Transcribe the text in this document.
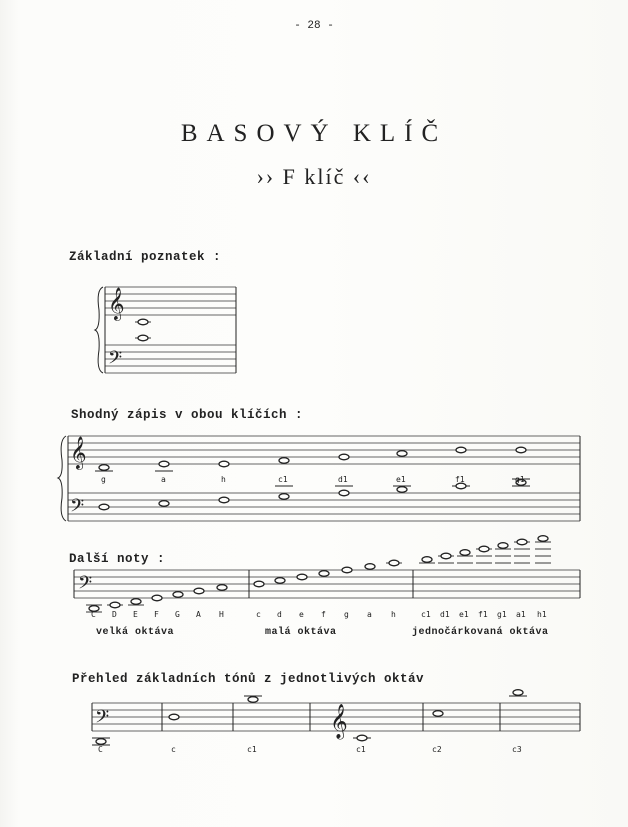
- 28 -
BASOVÝ KLÍČ
›› F klíč ‹‹
Základní poznatek :
𝄞
𝄢
Shodný zápis v obou klíčích :
𝄞
𝄢
g	a	h	c1	d1	e1	f1	g1
Další noty :
𝄢
C D E F G A H	c d e f g a h	c1 d1 e1 f1 g1 a1 h1
velká oktáva	malá oktáva	jednočárkovaná oktáva
Přehled základních tónů z jednotlivých oktáv
𝄢	𝄞
C	c	c1	c1	c2	c3
